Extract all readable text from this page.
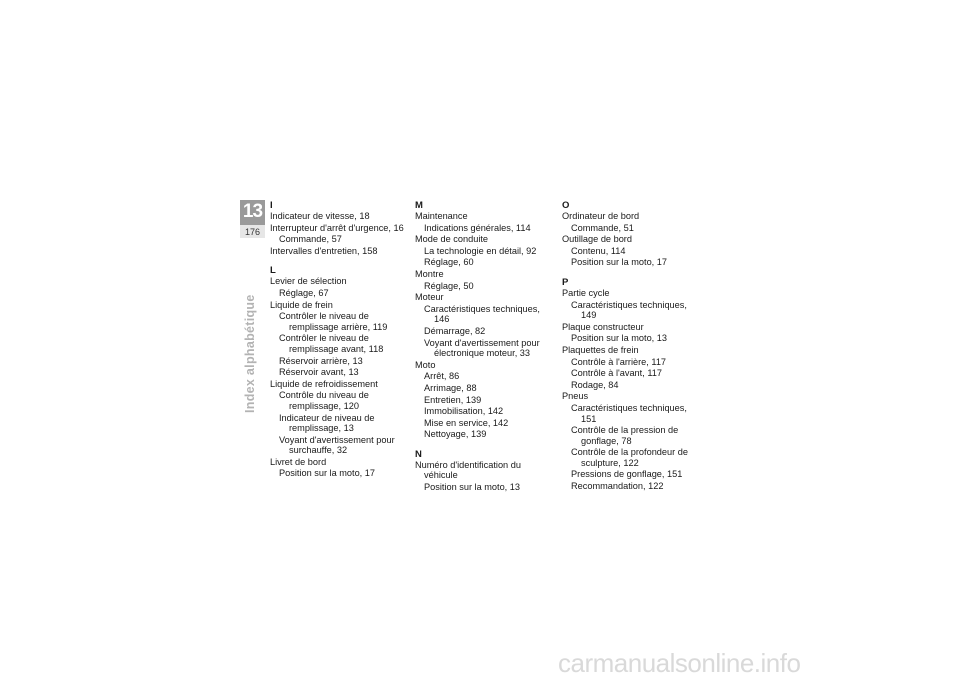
13
176
Index alphabétique
I
Indicateur de vitesse, 18
Interrupteur d'arrêt d'urgence, 16
Commande, 57
Intervalles d'entretien, 158
L
Levier de sélection
Réglage, 67
Liquide de frein
Contrôler le niveau de remplissage arrière, 119
Contrôler le niveau de remplissage avant, 118
Réservoir arrière, 13
Réservoir avant, 13
Liquide de refroidissement
Contrôle du niveau de remplissage, 120
Indicateur de niveau de remplissage, 13
Voyant d'avertissement pour surchauffe, 32
Livret de bord
Position sur la moto, 17
M
Maintenance
Indications générales, 114
Mode de conduite
La technologie en détail, 92
Réglage, 60
Montre
Réglage, 50
Moteur
Caractéristiques techniques, 146
Démarrage, 82
Voyant d'avertissement pour électronique moteur, 33
Moto
Arrêt, 86
Arrimage, 88
Entretien, 139
Immobilisation, 142
Mise en service, 142
Nettoyage, 139
N
Numéro d'identification du véhicule
Position sur la moto, 13
O
Ordinateur de bord
Commande, 51
Outillage de bord
Contenu, 114
Position sur la moto, 17
P
Partie cycle
Caractéristiques techniques, 149
Plaque constructeur
Position sur la moto, 13
Plaquettes de frein
Contrôle à l'arrière, 117
Contrôle à l'avant, 117
Rodage, 84
Pneus
Caractéristiques techniques, 151
Contrôle de la pression de gonflage, 78
Contrôle de la profondeur de sculpture, 122
Pressions de gonflage, 151
Recommandation, 122
carmanualsonline.info
